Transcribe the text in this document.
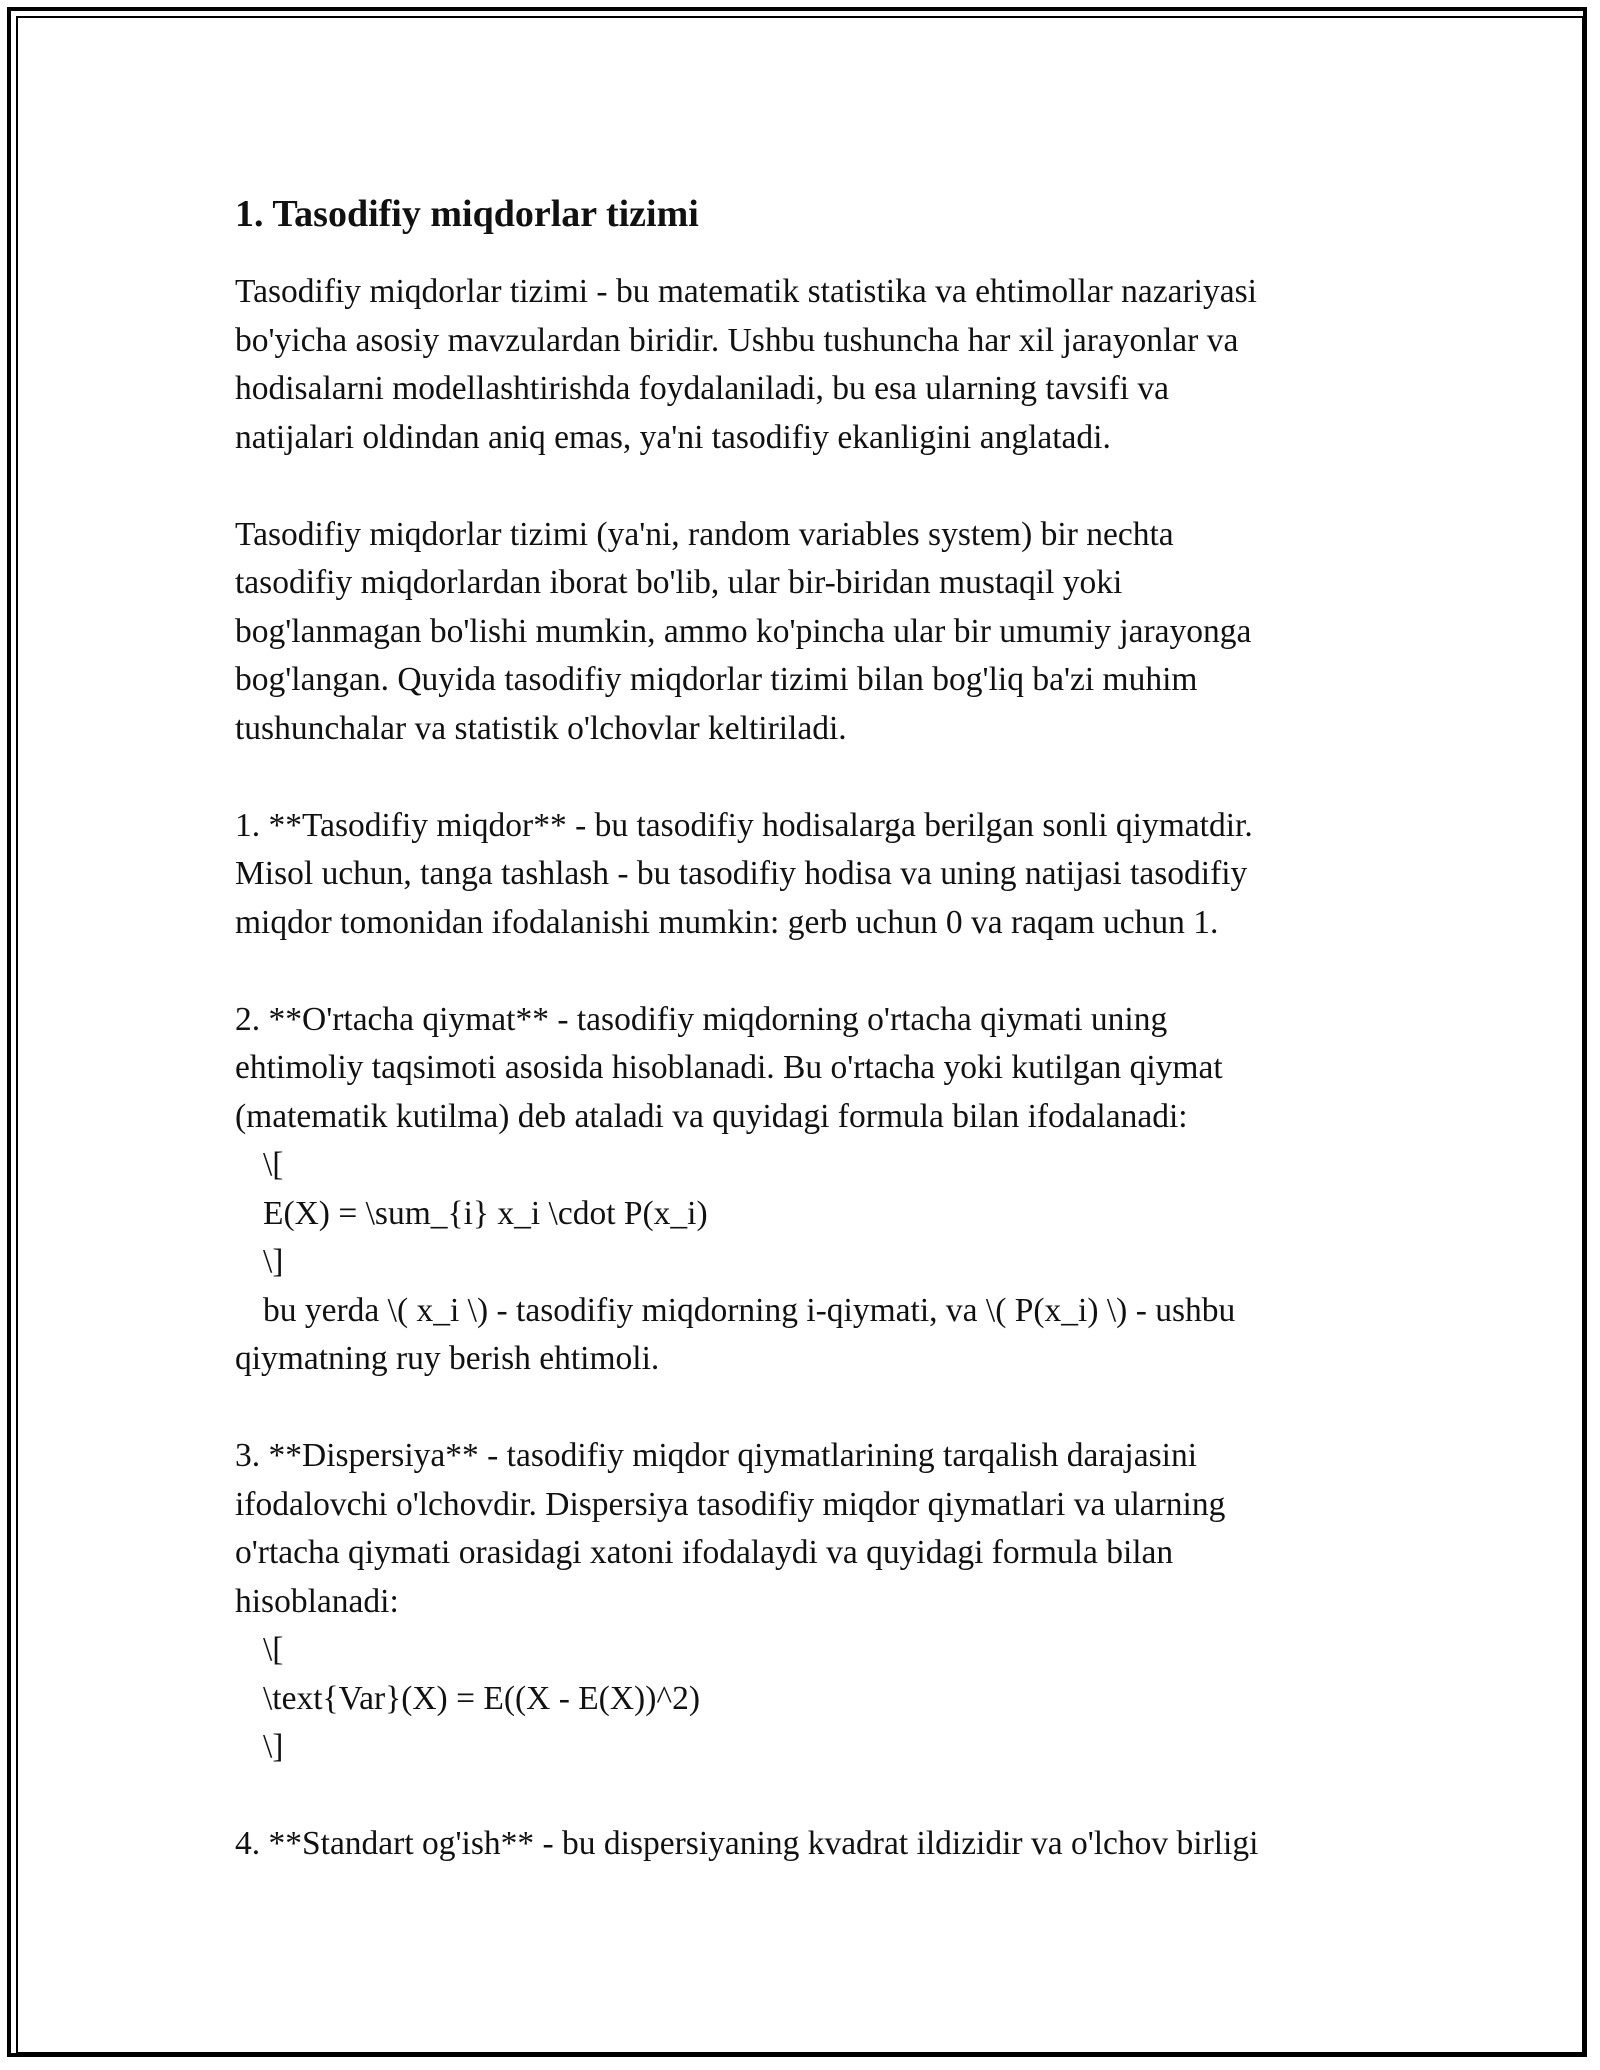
1. Tasodifiy miqdorlar tizimi
Tasodifiy miqdorlar tizimi - bu matematik statistika va ehtimollar nazariyasi
bo'yicha asosiy mavzulardan biridir. Ushbu tushuncha har xil jarayonlar va
hodisalarni modellashtirishda foydalaniladi, bu esa ularning tavsifi va
natijalari oldindan aniq emas, ya'ni tasodifiy ekanligini anglatadi.
Tasodifiy miqdorlar tizimi (ya'ni, random variables system) bir nechta
tasodifiy miqdorlardan iborat bo'lib, ular bir-biridan mustaqil yoki
bog'lanmagan bo'lishi mumkin, ammo ko'pincha ular bir umumiy jarayonga
bog'langan. Quyida tasodifiy miqdorlar tizimi bilan bog'liq ba'zi muhim
tushunchalar va statistik o'lchovlar keltiriladi.
1. **Tasodifiy miqdor** - bu tasodifiy hodisalarga berilgan sonli qiymatdir.
Misol uchun, tanga tashlash - bu tasodifiy hodisa va uning natijasi tasodifiy
miqdor tomonidan ifodalanishi mumkin: gerb uchun 0 va raqam uchun 1.
2. **O'rtacha qiymat** - tasodifiy miqdorning o'rtacha qiymati uning
ehtimoliy taqsimoti asosida hisoblanadi. Bu o'rtacha yoki kutilgan qiymat
(matematik kutilma) deb ataladi va quyidagi formula bilan ifodalanadi:
\[
E(X) = \sum_{i} x_i \cdot P(x_i)
\]
bu yerda \( x_i \) - tasodifiy miqdorning i-qiymati, va \( P(x_i) \) - ushbu
qiymatning ruy berish ehtimoli.
3. **Dispersiya** - tasodifiy miqdor qiymatlarining tarqalish darajasini
ifodalovchi o'lchovdir. Dispersiya tasodifiy miqdor qiymatlari va ularning
o'rtacha qiymati orasidagi xatoni ifodalaydi va quyidagi formula bilan
hisoblanadi:
\[
\text{Var}(X) = E((X - E(X))^2)
\]
4. **Standart og'ish** - bu dispersiyaning kvadrat ildizidir va o'lchov birligi
